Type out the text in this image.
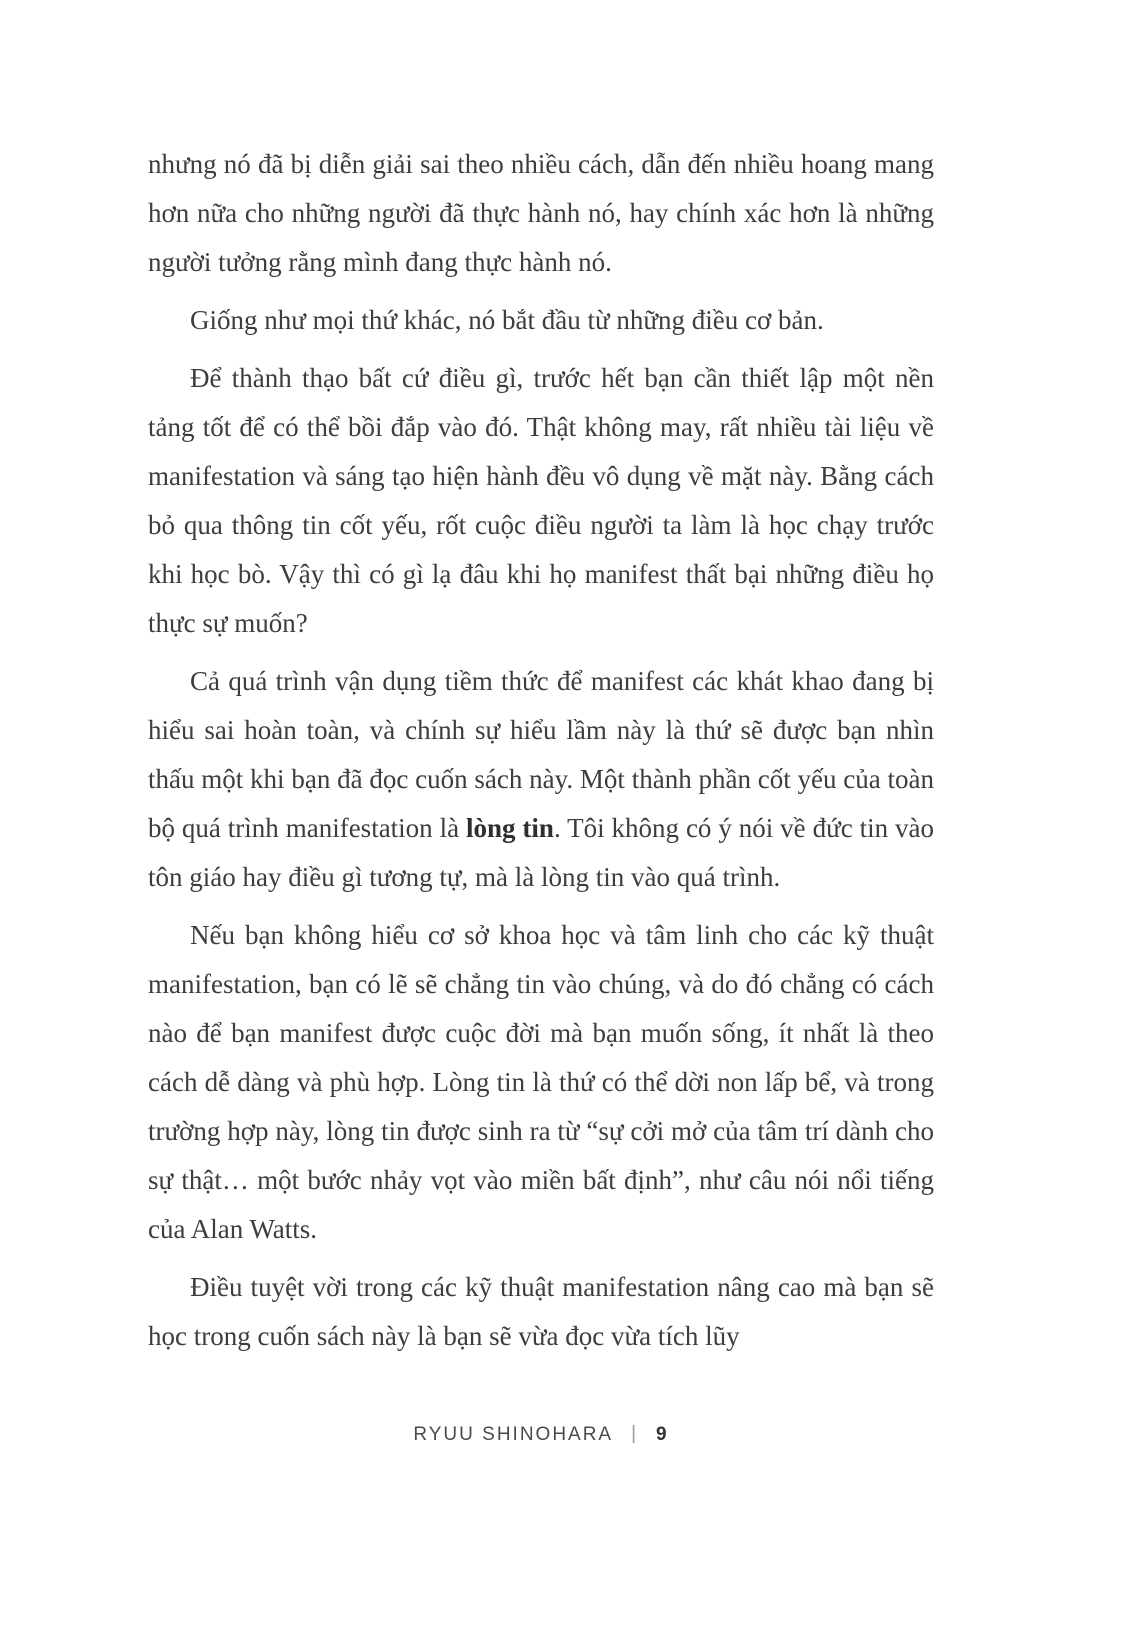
nhưng nó đã bị diễn giải sai theo nhiều cách, dẫn đến nhiều hoang mang hơn nữa cho những người đã thực hành nó, hay chính xác hơn là những người tưởng rằng mình đang thực hành nó.

Giống như mọi thứ khác, nó bắt đầu từ những điều cơ bản.

Để thành thạo bất cứ điều gì, trước hết bạn cần thiết lập một nền tảng tốt để có thể bồi đắp vào đó. Thật không may, rất nhiều tài liệu về manifestation và sáng tạo hiện hành đều vô dụng về mặt này. Bằng cách bỏ qua thông tin cốt yếu, rốt cuộc điều người ta làm là học chạy trước khi học bò. Vậy thì có gì lạ đâu khi họ manifest thất bại những điều họ thực sự muốn?

Cả quá trình vận dụng tiềm thức để manifest các khát khao đang bị hiểu sai hoàn toàn, và chính sự hiểu lầm này là thứ sẽ được bạn nhìn thấu một khi bạn đã đọc cuốn sách này. Một thành phần cốt yếu của toàn bộ quá trình manifestation là lòng tin. Tôi không có ý nói về đức tin vào tôn giáo hay điều gì tương tự, mà là lòng tin vào quá trình.

Nếu bạn không hiểu cơ sở khoa học và tâm linh cho các kỹ thuật manifestation, bạn có lẽ sẽ chẳng tin vào chúng, và do đó chẳng có cách nào để bạn manifest được cuộc đời mà bạn muốn sống, ít nhất là theo cách dễ dàng và phù hợp. Lòng tin là thứ có thể dời non lấp bể, và trong trường hợp này, lòng tin được sinh ra từ “sự cởi mở của tâm trí dành cho sự thật… một bước nhảy vọt vào miền bất định”, như câu nói nổi tiếng của Alan Watts.

Điều tuyệt vời trong các kỹ thuật manifestation nâng cao mà bạn sẽ học trong cuốn sách này là bạn sẽ vừa đọc vừa tích lũy

RYUU SHINOHARA | 9
